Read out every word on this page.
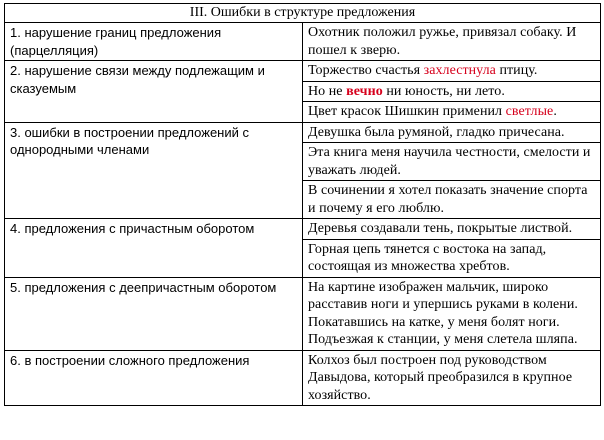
III. Ошибки в структуре предложения	
1. нарушение границ предложения (парцелляция)	Охотник положил ружье, привязал собаку. И пошел к зверю.

2. нарушение связи между подлежащим и сказуемым	Торжество счастья захлестнула птицу.
Но не вечно ни юность, ни лето.
Цвет красок Шишкин применил светлые.

3. ошибки в построении предложений с однородными членами	Девушка была румяной, гладко причесана.
Эта книга меня научила честности, смелости и уважать людей.
В сочинении я хотел показать значение спорта и почему я его люблю.

4. предложения с причастным оборотом	Деревья создавали тень, покрытые листвой.
Горная цепь тянется с востока на запад, состоящая из множества хребтов.

5. предложения с деепричастным оборотом	На картине изображен мальчик, широко расставив ноги и упершись руками в колени. Покатавшись на катке, у меня болят ноги. Подъезжая к станции, у меня слетела шляпа.

6. в построении сложного предложения	Колхоз был построен под руководством Давыдова, который преобразился в крупное хозяйство.
